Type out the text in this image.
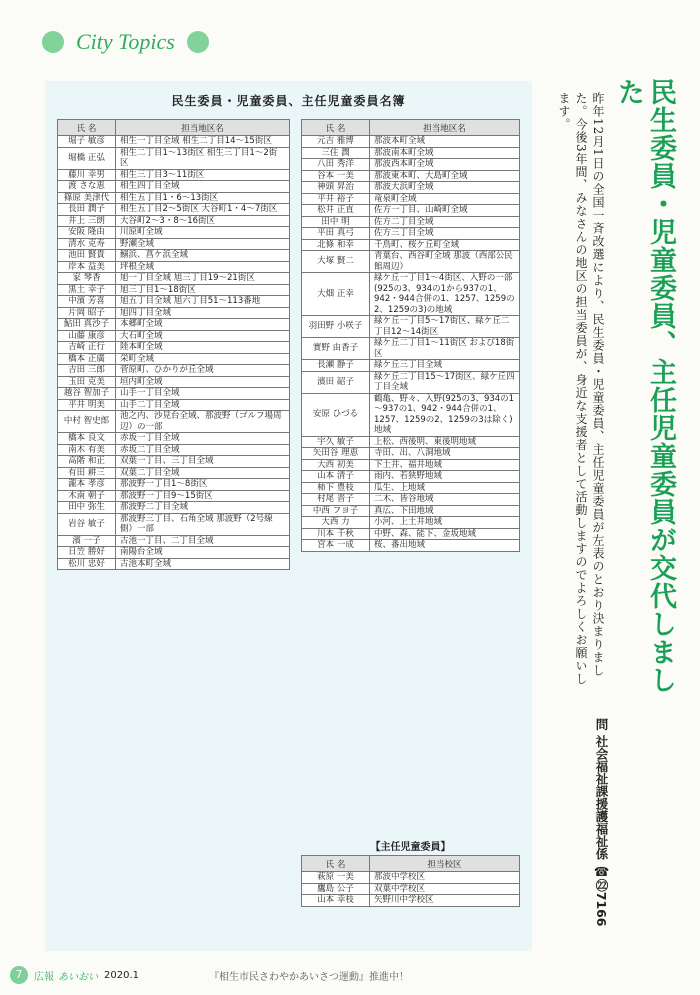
City Topics
民生委員・児童委員、主任児童委員名簿
氏 名	担当地区名
堀子 敏彦	相生一丁目全域 相生二丁目14～15街区
堀橋 正弘	相生二丁目1～13街区 相生三丁目1～2街区
藤川 幸男	相生三丁目3～11街区
渡 さな恵	相生四丁目全域
篠原 美津代	相生五丁目1・6～13街区
長田 潤子	相生五丁目2～5街区 大谷町1・4～7街区
井上 三朗	大谷町2～3・8～16街区
安阪 隆由	川原町全域
清水 克寿	野瀬全域
池田 賢貴	鰯浜、菖ケ浜全域
岸本 益美	坪根全域
家 琴香	旭一丁目全域 旭三丁目19～21街区
黒土 幸子	旭三丁目1～18街区
中濱 芳喜	旭五丁目全域 旭六丁目51～113番地
片岡 昭子	旭四丁目全域
鮎田 真沙子	本郷町全域
山藤 康彦	大石町全域
吉崎 正行	陸本町全域
橋本 正廣	栄町全域
吉田 三郎	菅原町、ひかりが丘全域
玉田 克美	垣内町全域
越谷 智加子	山手一丁目全域
平井 明美	山手二丁目全域
中村 智史郎	池之内、沙見台全域、那波野（ゴルフ場周辺）の一部
橋本 良文	赤坂一丁目全域
南木 有美	赤坂二丁目全域
高階 和正	双葉一丁目、三丁目全域
有田 耕三	双葉二丁目全域
瀧本 孝彦	那波野一丁目1～8街区
木南 朝子	那波野一丁目9～15街区
田中 弥生	那波野二丁目全域
岩谷 敏子	那波野三丁目、石角全域 那波野（2号線側）一部
濱 一子	古池一丁目、二丁目全域
日笠 勝好	南陽台全域
松川 忠好	古池本町全域
氏 名	担当地区名
元吉 雅博	那波本町全域
三住 潤	那波南本町全域
八田 秀洋	那波西本町全域
谷本 一美	那波東本町、大島町全域
神頭 昇治	那波大浜町全域
平井 裕子	竜泉町全域
松井 正直	佐方一丁目、山崎町全域
田中 明	佐方二丁目全域
平田 真弓	佐方三丁目全域
北條 和幸	千鳥町、桜ケ丘町全域
大塚 賢二	青葉台、西谷町全域 那波（西部公民館周辺）
大畑 正幸	緑ケ丘一丁目1～4街区、入野の一部(925の3、934の1から937の1、942・944合併の1、1257、1259の2、1259の3)の地域
羽田野 小咲子	緑ケ丘一丁目5～17街区、緑ケ丘二丁目12～14街区
實野 由香子	緑ケ丘二丁目1～11街区 および18街区
長瀬 静子	緑ケ丘三丁目全域
濱田 韶子	緑ケ丘二丁目15～17街区、緑ケ丘四丁目全域
安原 ひづる	鶴亀、野々、入野(925の3、934の1～937の1、942・944合併の1、1257、1259の2、1259の3は除く)地域
宇久 敏子	上松、西後明、東後明地域
矢田谷 理恵	寺田、出、八洞地域
大西 初美	下土井、福井地域
山本 清子	雨内、若狭野地域
柿下 豊枝	瓜生、上地域
村尾 晋子	二木、皆谷地域
中西 フヨ子	真広、下田地域
大西 力	小河、上土井地域
川本 千秋	中野、森、能下、金坂地域
宮本 一成	桜、番出地域
【主任児童委員】
氏 名	担当校区
萩原 一美	那波中学校区
鷹島 公子	双葉中学校区
山本 幸枝	矢野川中学校区
民生委員・児童委員、主任児童委員が交代しました
昨年12月1日の全国一斉改選により、民生委員・児童委員、主任児童委員が左表のとおり決まりました。今後3年間、みなさんの地区の担当委員が、身近な支援者として活動しますのでよろしくお願いします。
問 社会福祉課援護福祉係 ☎㉒7166
7	広報 あいおい 2020.1	『相生市民さわやかあいさつ運動』推進中！
